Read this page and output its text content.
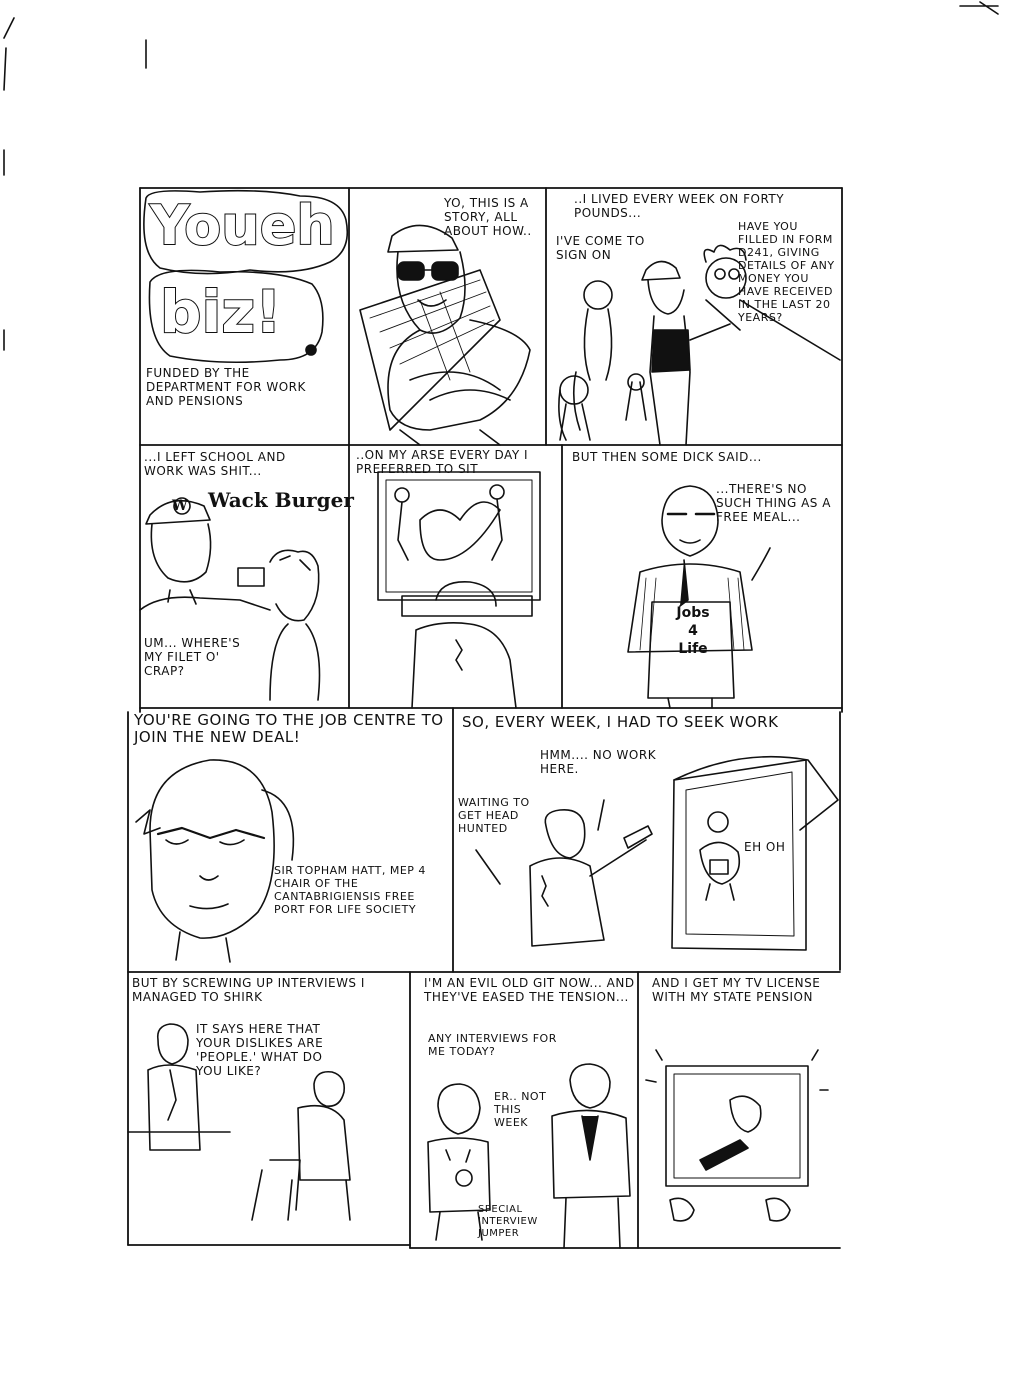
Youeh
biz!
FUNDED BY THE DEPARTMENT FOR WORK AND PENSIONS
YO, THIS IS A STORY, ALL ABOUT HOW..
..I LIVED EVERY WEEK ON FORTY POUNDS...
I'VE COME TO SIGN ON
HAVE YOU FILLED IN FORM D241, GIVING DETAILS OF ANY MONEY YOU HAVE RECEIVED IN THE LAST 20 YEARS?
...I LEFT SCHOOL AND WORK WAS SHIT...
Wack Burger
W
UM... WHERE'S MY FILET O' CRAP?
..ON MY ARSE EVERY DAY I PREFERRED TO SIT
BUT THEN SOME DICK SAID...
...THERE'S NO SUCH THING AS A FREE MEAL...
Jobs
4
Life
YOU'RE GOING TO THE JOB CENTRE TO JOIN THE NEW DEAL!
SIR TOPHAM HATT, MEP 4 CHAIR OF THE CANTABRIGIENSIS FREE PORT FOR LIFE SOCIETY
SO, EVERY WEEK, I HAD TO SEEK WORK
HMM.... NO WORK HERE.
WAITING TO GET HEAD HUNTED
EH OH
BUT BY SCREWING UP INTERVIEWS I MANAGED TO SHIRK
IT SAYS HERE THAT YOUR DISLIKES ARE 'PEOPLE.' WHAT DO YOU LIKE?
I'M AN EVIL OLD GIT NOW... AND THEY'VE EASED THE TENSION...
ANY INTERVIEWS FOR ME TODAY?
ER.. NOT THIS WEEK
SPECIAL INTERVIEW JUMPER
AND I GET MY TV LICENSE WITH MY STATE PENSION
